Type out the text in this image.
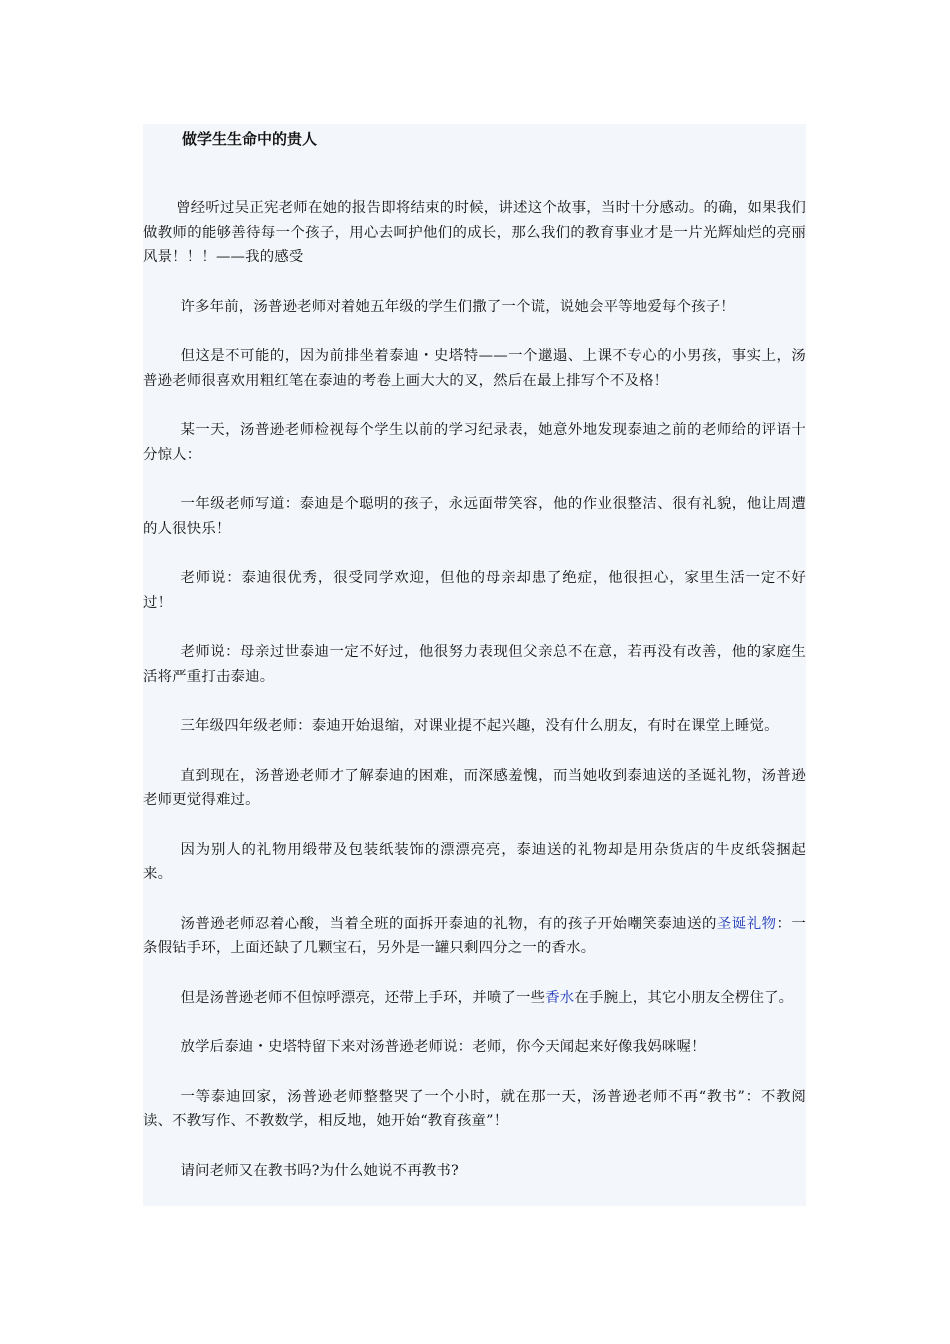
做学生生命中的贵人

曾经听过吴正宪老师在她的报告即将结束的时候，讲述这个故事，当时十分感动。的确，如果我们做教师的能够善待每一个孩子，用心去呵护他们的成长，那么我们的教育事业才是一片光辉灿烂的亮丽风景！！！——我的感受

许多年前，汤普逊老师对着她五年级的学生们撒了一个谎，说她会平等地爱每个孩子！

但这是不可能的，因为前排坐着泰迪・史塔特——一个邋遢、上课不专心的小男孩，事实上，汤普逊老师很喜欢用粗红笔在泰迪的考卷上画大大的叉，然后在最上排写个不及格！

某一天，汤普逊老师检视每个学生以前的学习纪录表，她意外地发现泰迪之前的老师给的评语十分惊人：

一年级老师写道：泰迪是个聪明的孩子，永远面带笑容，他的作业很整洁、很有礼貌，他让周遭的人很快乐！

老师说：泰迪很优秀，很受同学欢迎，但他的母亲却患了绝症，他很担心，家里生活一定不好过！

老师说：母亲过世泰迪一定不好过，他很努力表现但父亲总不在意，若再没有改善，他的家庭生活将严重打击泰迪。

三年级四年级老师：泰迪开始退缩，对课业提不起兴趣，没有什么朋友，有时在课堂上睡觉。

直到现在，汤普逊老师才了解泰迪的困难，而深感羞愧，而当她收到泰迪送的圣诞礼物，汤普逊老师更觉得难过。

因为别人的礼物用缎带及包装纸装饰的漂漂亮亮，泰迪送的礼物却是用杂货店的牛皮纸袋捆起来。

汤普逊老师忍着心酸，当着全班的面拆开泰迪的礼物，有的孩子开始嘲笑泰迪送的圣诞礼物：一条假钻手环，上面还缺了几颗宝石，另外是一罐只剩四分之一的香水。

但是汤普逊老师不但惊呼漂亮，还带上手环，并喷了一些香水在手腕上，其它小朋友全楞住了。

放学后泰迪・史塔特留下来对汤普逊老师说：老师，你今天闻起来好像我妈咪喔！

一等泰迪回家，汤普逊老师整整哭了一个小时，就在那一天，汤普逊老师不再“教书”：不教阅读、不教写作、不教数学，相反地，她开始“教育孩童”！

请问老师又在教书吗?为什么她说不再教书?
